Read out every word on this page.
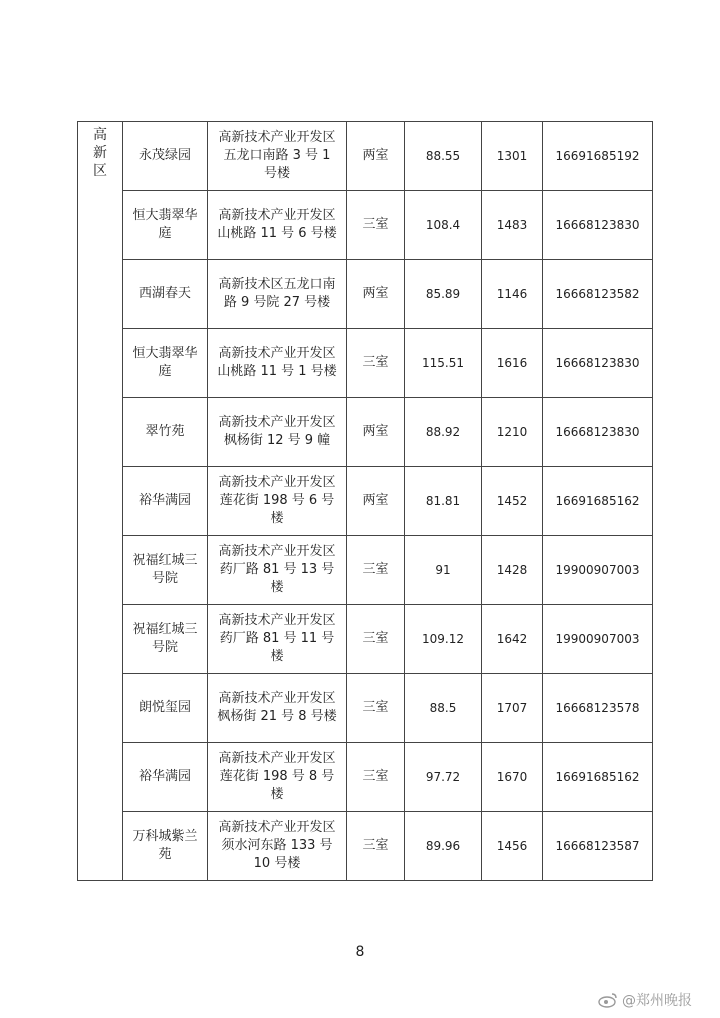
高新区	永茂绿园	高新技术产业开发区五龙口南路 3 号 1 号楼	两室	88.55	1301	16691685192
	恒大翡翠华庭	高新技术产业开发区山桃路 11 号 6 号楼	三室	108.4	1483	16668123830
	西湖春天	高新技术区五龙口南路 9 号院 27 号楼	两室	85.89	1146	16668123582
	恒大翡翠华庭	高新技术产业开发区山桃路 11 号 1 号楼	三室	115.51	1616	16668123830
	翠竹苑	高新技术产业开发区枫杨街 12 号 9 幢	两室	88.92	1210	16668123830
	裕华满园	高新技术产业开发区莲花街 198 号 6 号楼	两室	81.81	1452	16691685162
	祝福红城三号院	高新技术产业开发区药厂路 81 号 13 号楼	三室	91	1428	19900907003
	祝福红城三号院	高新技术产业开发区药厂路 81 号 11 号楼	三室	109.12	1642	19900907003
	朗悦玺园	高新技术产业开发区枫杨街 21 号 8 号楼	三室	88.5	1707	16668123578
	裕华满园	高新技术产业开发区莲花街 198 号 8 号楼	三室	97.72	1670	16691685162
	万科城紫兰苑	高新技术产业开发区须水河东路 133 号 10 号楼	三室	89.96	1456	16668123587
8
@郑州晚报
